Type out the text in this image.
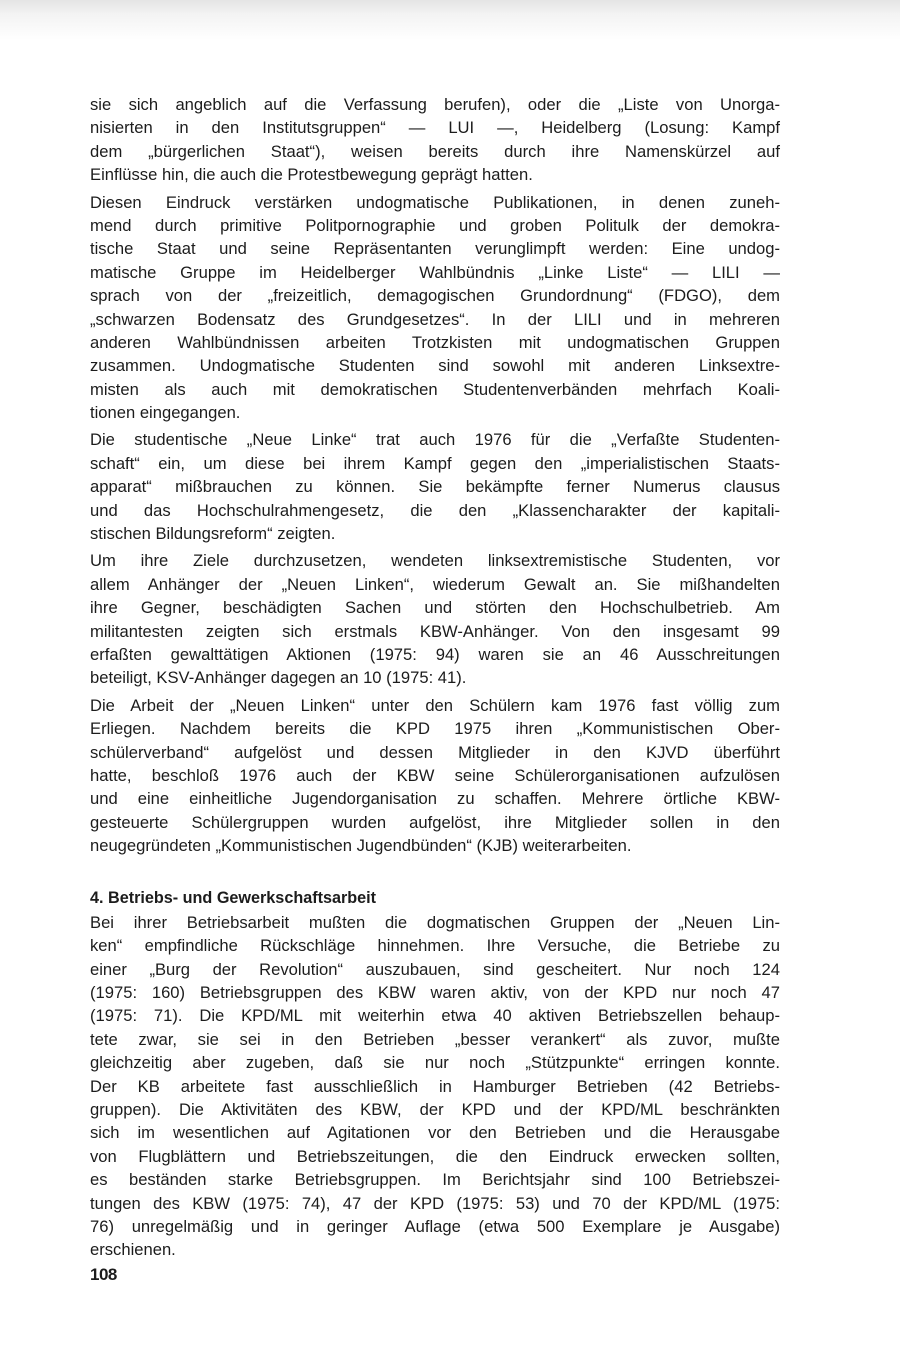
sie sich angeblich auf die Verfassung berufen), oder die „Liste von Unorga-
nisierten in den Institutsgruppen“ — LUI —, Heidelberg (Losung: Kampf
dem „bürgerlichen Staat“), weisen bereits durch ihre Namenskürzel auf
Einflüsse hin, die auch die Protestbewegung geprägt hatten.
Diesen Eindruck verstärken undogmatische Publikationen, in denen zuneh-
mend durch primitive Politpornographie und groben Politulk der demokra-
tische Staat und seine Repräsentanten verunglimpft werden: Eine undog-
matische Gruppe im Heidelberger Wahlbündnis „Linke Liste“ — LILI —
sprach von der „freizeitlich, demagogischen Grundordnung“ (FDGO), dem
„schwarzen Bodensatz des Grundgesetzes“. In der LILI und in mehreren
anderen Wahlbündnissen arbeiten Trotzkisten mit undogmatischen Gruppen
zusammen. Undogmatische Studenten sind sowohl mit anderen Linksextre-
misten als auch mit demokratischen Studentenverbänden mehrfach Koali-
tionen eingegangen.
Die studentische „Neue Linke“ trat auch 1976 für die „Verfaßte Studenten-
schaft“ ein, um diese bei ihrem Kampf gegen den „imperialistischen Staats-
apparat“ mißbrauchen zu können. Sie bekämpfte ferner Numerus clausus
und das Hochschulrahmengesetz, die den „Klassencharakter der kapitali-
stischen Bildungsreform“ zeigten.
Um ihre Ziele durchzusetzen, wendeten linksextremistische Studenten, vor
allem Anhänger der „Neuen Linken“, wiederum Gewalt an. Sie mißhandelten
ihre Gegner, beschädigten Sachen und störten den Hochschulbetrieb. Am
militantesten zeigten sich erstmals KBW-Anhänger. Von den insgesamt 99
erfaßten gewalttätigen Aktionen (1975: 94) waren sie an 46 Ausschreitungen
beteiligt, KSV-Anhänger dagegen an 10 (1975: 41).
Die Arbeit der „Neuen Linken“ unter den Schülern kam 1976 fast völlig zum
Erliegen. Nachdem bereits die KPD 1975 ihren „Kommunistischen Ober-
schülerverband“ aufgelöst und dessen Mitglieder in den KJVD überführt
hatte, beschloß 1976 auch der KBW seine Schülerorganisationen aufzulösen
und eine einheitliche Jugendorganisation zu schaffen. Mehrere örtliche KBW-
gesteuerte Schülergruppen wurden aufgelöst, ihre Mitglieder sollen in den
neugegründeten „Kommunistischen Jugendbünden“ (KJB) weiterarbeiten.
4. Betriebs- und Gewerkschaftsarbeit
Bei ihrer Betriebsarbeit mußten die dogmatischen Gruppen der „Neuen Lin-
ken“ empfindliche Rückschläge hinnehmen. Ihre Versuche, die Betriebe zu
einer „Burg der Revolution“ auszubauen, sind gescheitert. Nur noch 124
(1975: 160) Betriebsgruppen des KBW waren aktiv, von der KPD nur noch 47
(1975: 71). Die KPD/ML mit weiterhin etwa 40 aktiven Betriebszellen behaup-
tete zwar, sie sei in den Betrieben „besser verankert“ als zuvor, mußte
gleichzeitig aber zugeben, daß sie nur noch „Stützpunkte“ erringen konnte.
Der KB arbeitete fast ausschließlich in Hamburger Betrieben (42 Betriebs-
gruppen). Die Aktivitäten des KBW, der KPD und der KPD/ML beschränkten
sich im wesentlichen auf Agitationen vor den Betrieben und die Herausgabe
von Flugblättern und Betriebszeitungen, die den Eindruck erwecken sollten,
es beständen starke Betriebsgruppen. Im Berichtsjahr sind 100 Betriebszei-
tungen des KBW (1975: 74), 47 der KPD (1975: 53) und 70 der KPD/ML (1975:
76) unregelmäßig und in geringer Auflage (etwa 500 Exemplare je Ausgabe)
erschienen.
108
